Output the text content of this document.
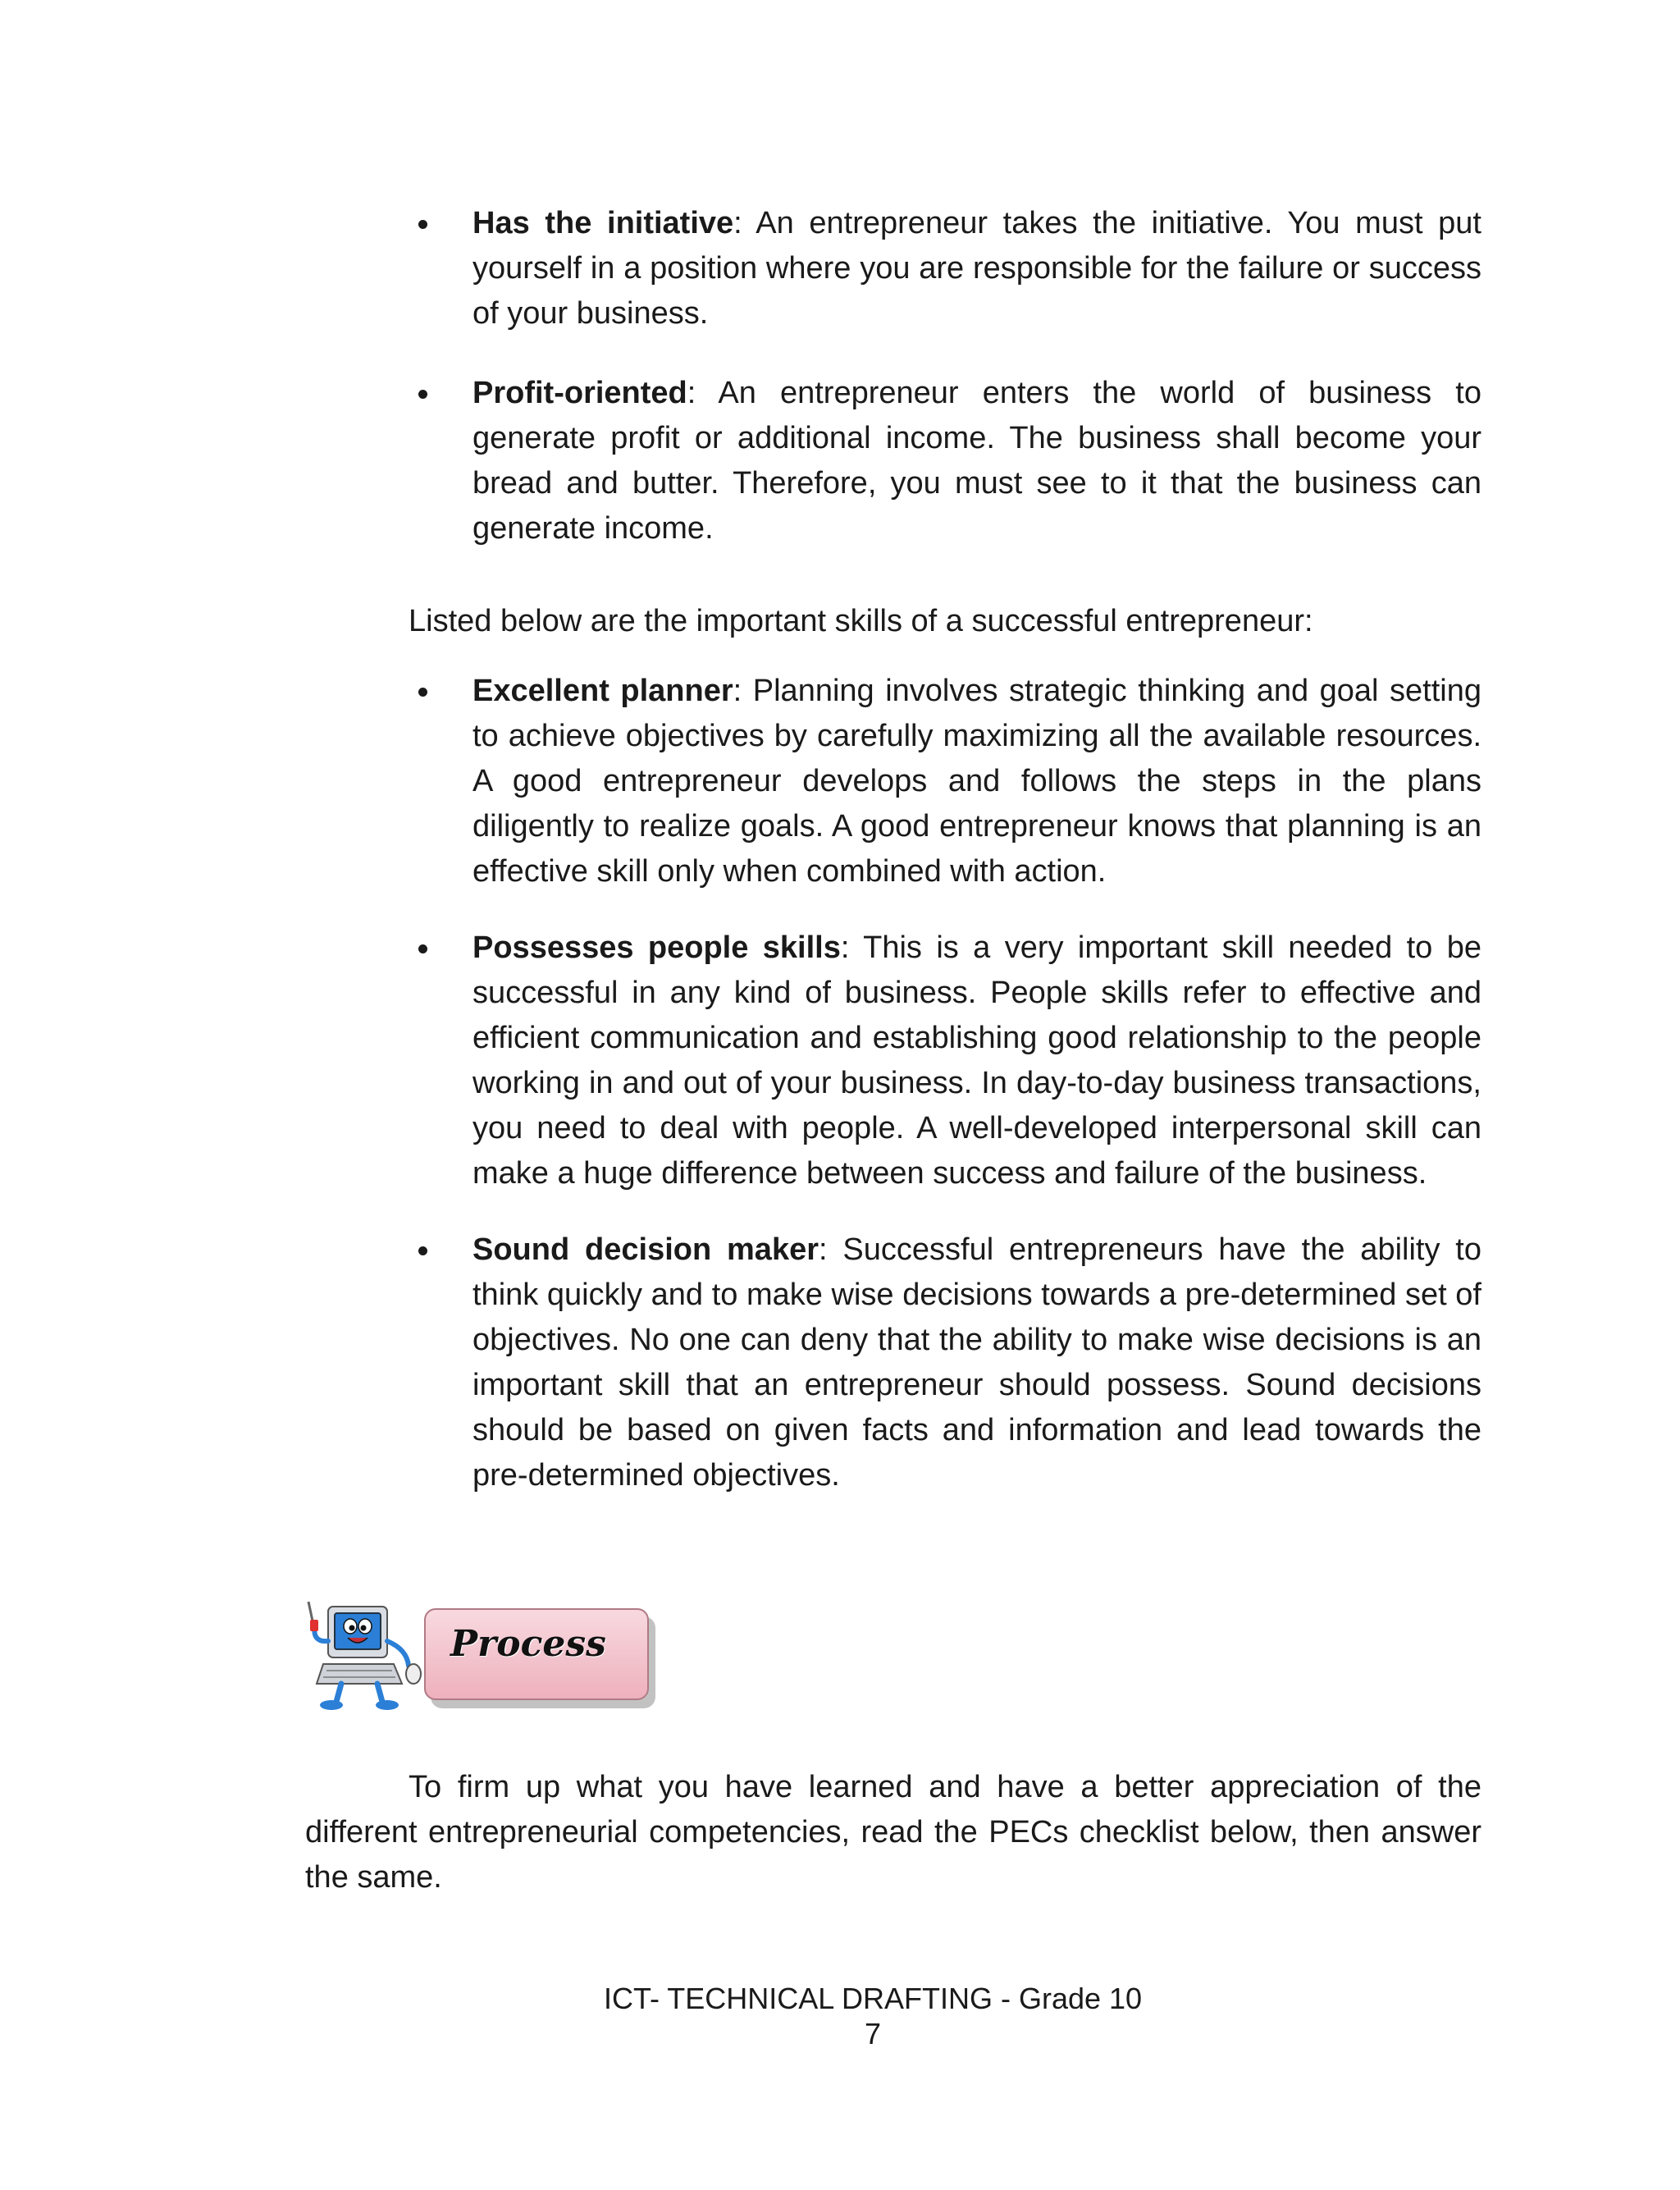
Has the initiative: An entrepreneur takes the initiative. You must put yourself in a position where you are responsible for the failure or success of your business.
Profit-oriented: An entrepreneur enters the world of business to generate profit or additional income. The business shall become your bread and butter. Therefore, you must see to it that the business can generate income.
Listed below are the important skills of a successful entrepreneur:
Excellent planner: Planning involves strategic thinking and goal setting to achieve objectives by carefully maximizing all the available resources. A good entrepreneur develops and follows the steps in the plans diligently to realize goals. A good entrepreneur knows that planning is an effective skill only when combined with action.
Possesses people skills: This is a very important skill needed to be successful in any kind of business. People skills refer to effective and efficient communication and establishing good relationship to the people working in and out of your business. In day-to-day business transactions, you need to deal with people. A well-developed interpersonal skill can make a huge difference between success and failure of the business.
Sound decision maker: Successful entrepreneurs have the ability to think quickly and to make wise decisions towards a pre-determined set of objectives. No one can deny that the ability to make wise decisions is an important skill that an entrepreneur should possess. Sound decisions should be based on given facts and information and lead towards the pre-determined objectives.
Process

To firm up what you have learned and have a better appreciation of the different entrepreneurial competencies, read the PECs checklist below, then answer the same.

ICT- TECHNICAL DRAFTING - Grade 10
7
